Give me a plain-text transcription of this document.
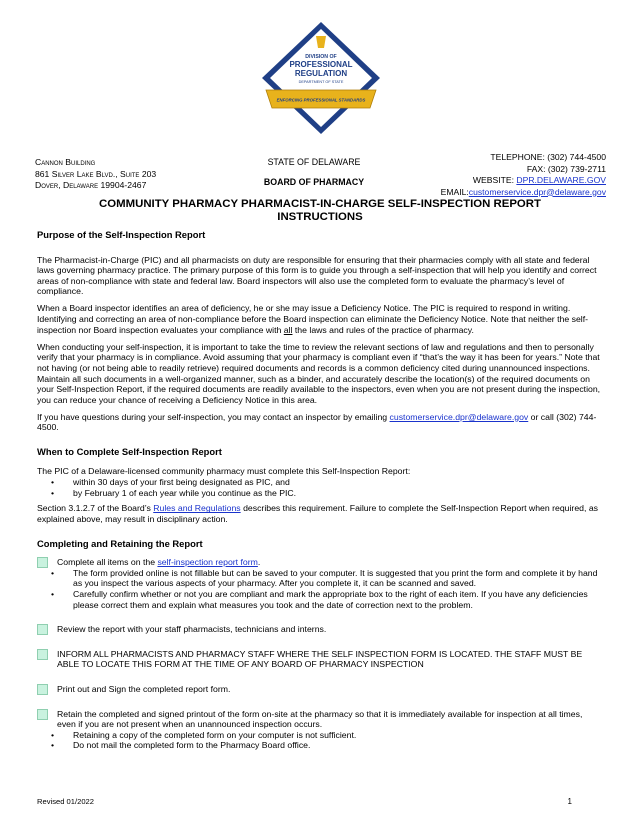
DIVISION OF
PROFESSIONAL
REGULATION
DEPARTMENT OF STATE
ENFORCING PROFESSIONAL STANDARDS
Cannon Building
861 Silver Lake Blvd., Suite 203
Dover, Delaware 19904-2467
STATE OF DELAWARE
BOARD OF PHARMACY
TELEPHONE: (302) 744-4500
FAX: (302) 739-2711
WEBSITE: DPR.DELAWARE.GOV
EMAIL:customerservice.dpr@delaware.gov
COMMUNITY PHARMACY PHARMACIST-IN-CHARGE SELF-INSPECTION REPORT
INSTRUCTIONS
Purpose of the Self-Inspection Report

The Pharmacist-in-Charge (PIC) and all pharmacists on duty are responsible for ensuring that their pharmacies comply with all state and federal laws governing pharmacy practice. The primary purpose of this form is to guide you through a self-inspection that will help you identify and correct areas of non-compliance with state and federal law. Board inspectors will also use the completed form to evaluate the pharmacy’s level of compliance.

When a Board inspector identifies an area of deficiency, he or she may issue a Deficiency Notice. The PIC is required to respond in writing. Identifying and correcting an area of non-compliance before the Board inspection can eliminate the Deficiency Notice. Note that neither the self-inspection nor Board inspection evaluates your compliance with all the laws and rules of the practice of pharmacy.

When conducting your self-inspection, it is important to take the time to review the relevant sections of law and regulations and then to personally verify that your pharmacy is in compliance. Avoid assuming that your pharmacy is compliant even if “that’s the way it has been for years.” Note that not having (or not being able to readily retrieve) required documents and records is a common deficiency cited during unannounced inspections. Maintain all such documents in a well-organized manner, such as a binder, and accurately describe the location(s) of the required documents on your Self-Inspection Report, if the required documents are readily available to the inspectors, even when you are not present during the inspection, you can reduce your chance of receiving a Deficiency Notice in this area.

If you have questions during your self-inspection, you may contact an inspector by emailing customerservice.dpr@delaware.gov or call (302) 744-4500.

When to Complete Self-Inspection Report

The PIC of a Delaware-licensed community pharmacy must complete this Self-Inspection Report:

• within 30 days of your first being designated as PIC, and
• by February 1 of each year while you continue as the PIC.

Section 3.1.2.7 of the Board’s Rules and Regulations describes this requirement. Failure to complete the Self-Inspection Report when required, as explained above, may result in disciplinary action.

Completing and Retaining the Report
Complete all items on the self-inspection report form.
• The form provided online is not fillable but can be saved to your computer. It is suggested that you print the form and complete it by hand as you inspect the various aspects of your pharmacy. After you complete it, it can be scanned and saved.
• Carefully confirm whether or not you are compliant and mark the appropriate box to the right of each item. If you have any deficiencies please correct them and explain what measures you took and the date of correction next to the problem.
Review the report with your staff pharmacists, technicians and interns.
INFORM ALL PHARMACISTS AND PHARMACY STAFF WHERE THE SELF INSPECTION FORM IS LOCATED. THE STAFF MUST BE ABLE TO LOCATE THIS FORM AT THE TIME OF ANY BOARD OF PHARMACY INSPECTION
Print out and Sign the completed report form.
Retain the completed and signed printout of the form on-site at the pharmacy so that it is immediately available for inspection at all times, even if you are not present when an unannounced inspection occurs.
• Retaining a copy of the completed form on your computer is not sufficient.
• Do not mail the completed form to the Pharmacy Board office.
Revised 01/2022	1
